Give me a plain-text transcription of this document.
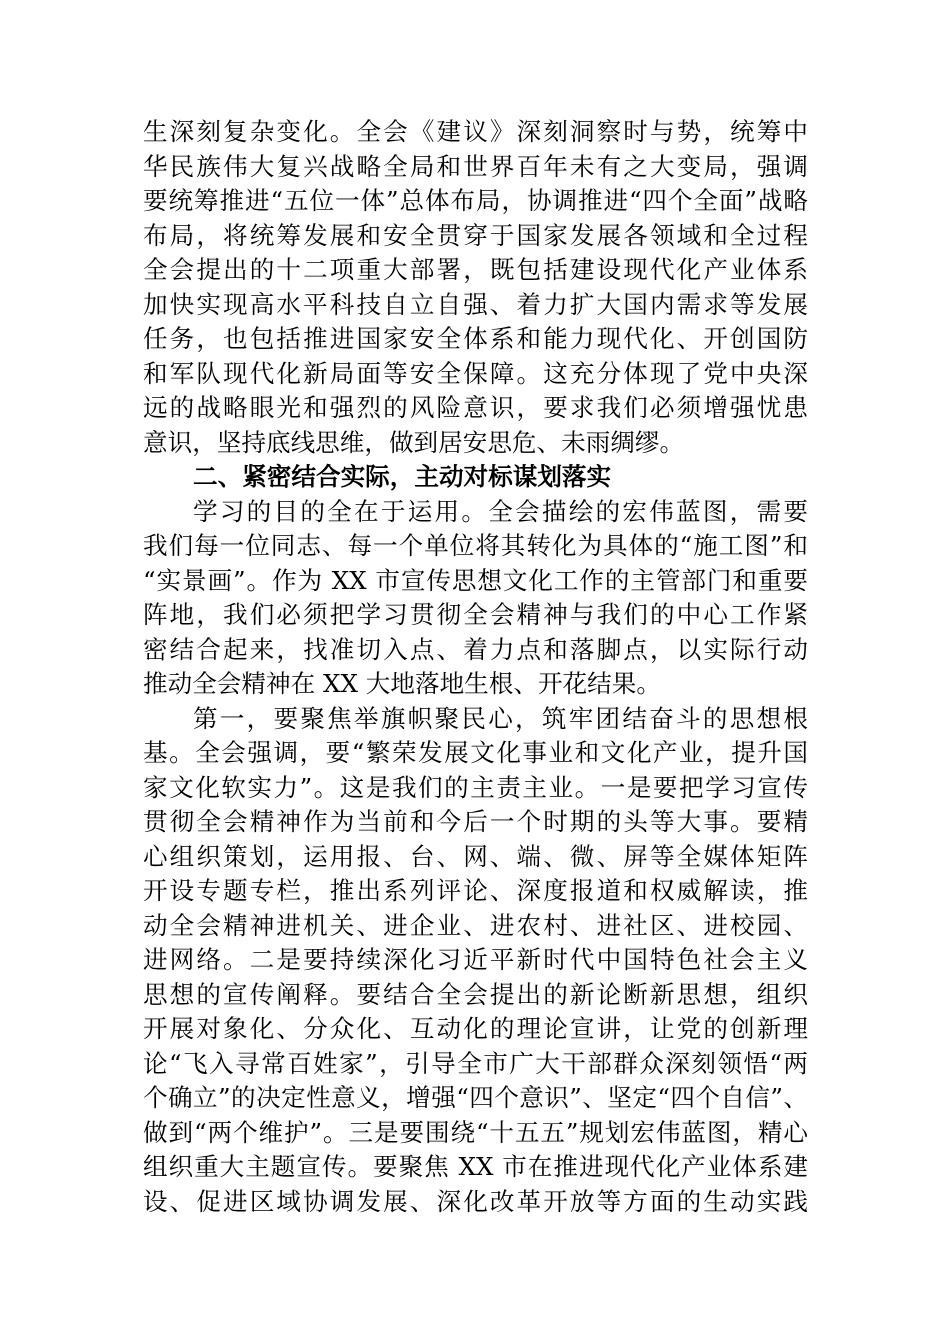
生深刻复杂变化。全会《建议》深刻洞察时与势，统筹中
华民族伟大复兴战略全局和世界百年未有之大变局，强调
要统筹推进“五位一体”总体布局，协调推进“四个全面”战略
布局，将统筹发展和安全贯穿于国家发展各领域和全过程
全会提出的十二项重大部署，既包括建设现代化产业体系
加快实现高水平科技自立自强、着力扩大国内需求等发展
任务，也包括推进国家安全体系和能力现代化、开创国防
和军队现代化新局面等安全保障。这充分体现了党中央深
远的战略眼光和强烈的风险意识，要求我们必须增强忧患
意识，坚持底线思维，做到居安思危、未雨绸缪。
二、紧密结合实际，主动对标谋划落实
学习的目的全在于运用。全会描绘的宏伟蓝图，需要
我们每一位同志、每一个单位将其转化为具体的“施工图”和
“实景画”。作为 XX 市宣传思想文化工作的主管部门和重要
阵地，我们必须把学习贯彻全会精神与我们的中心工作紧
密结合起来，找准切入点、着力点和落脚点，以实际行动
推动全会精神在 XX 大地落地生根、开花结果。
第一，要聚焦举旗帜聚民心，筑牢团结奋斗的思想根
基。全会强调，要“繁荣发展文化事业和文化产业，提升国
家文化软实力”。这是我们的主责主业。一是要把学习宣传
贯彻全会精神作为当前和今后一个时期的头等大事。要精
心组织策划，运用报、台、网、端、微、屏等全媒体矩阵
开设专题专栏，推出系列评论、深度报道和权威解读，推
动全会精神进机关、进企业、进农村、进社区、进校园、
进网络。二是要持续深化习近平新时代中国特色社会主义
思想的宣传阐释。要结合全会提出的新论断新思想，组织
开展对象化、分众化、互动化的理论宣讲，让党的创新理
论“飞入寻常百姓家”，引导全市广大干部群众深刻领悟“两
个确立”的决定性意义，增强“四个意识”、坚定“四个自信”、
做到“两个维护”。三是要围绕“十五五”规划宏伟蓝图，精心
组织重大主题宣传。要聚焦 XX 市在推进现代化产业体系建
设、促进区域协调发展、深化改革开放等方面的生动实践
